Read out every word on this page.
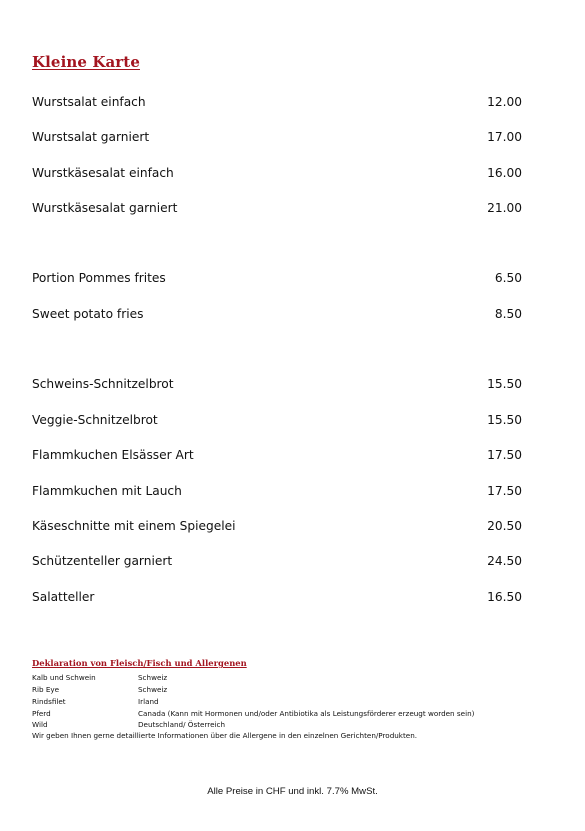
Kleine Karte
Wurstsalat einfach	12.00
Wurstsalat garniert	17.00
Wurstkäsesalat einfach	16.00
Wurstkäsesalat garniert	21.00
Portion Pommes frites	6.50
Sweet potato fries	8.50
Schweins-Schnitzelbrot	15.50
Veggie-Schnitzelbrot	15.50
Flammkuchen Elsässer Art	17.50
Flammkuchen mit Lauch	17.50
Käseschnitte mit einem Spiegelei	20.50
Schützenteller garniert	24.50
Salatteller	16.50
Deklaration von Fleisch/Fisch und Allergenen
Kalb und Schwein	Schweiz
Rib Eye	Schweiz
Rindsfilet	Irland
Pferd	Canada (Kann mit Hormonen und/oder Antibiotika als Leistungsförderer erzeugt worden sein)
Wild	Deutschland/ Österreich
Wir geben Ihnen gerne detaillierte Informationen über die Allergene in den einzelnen Gerichten/Produkten.
Alle Preise in CHF und inkl. 7.7% MwSt.
